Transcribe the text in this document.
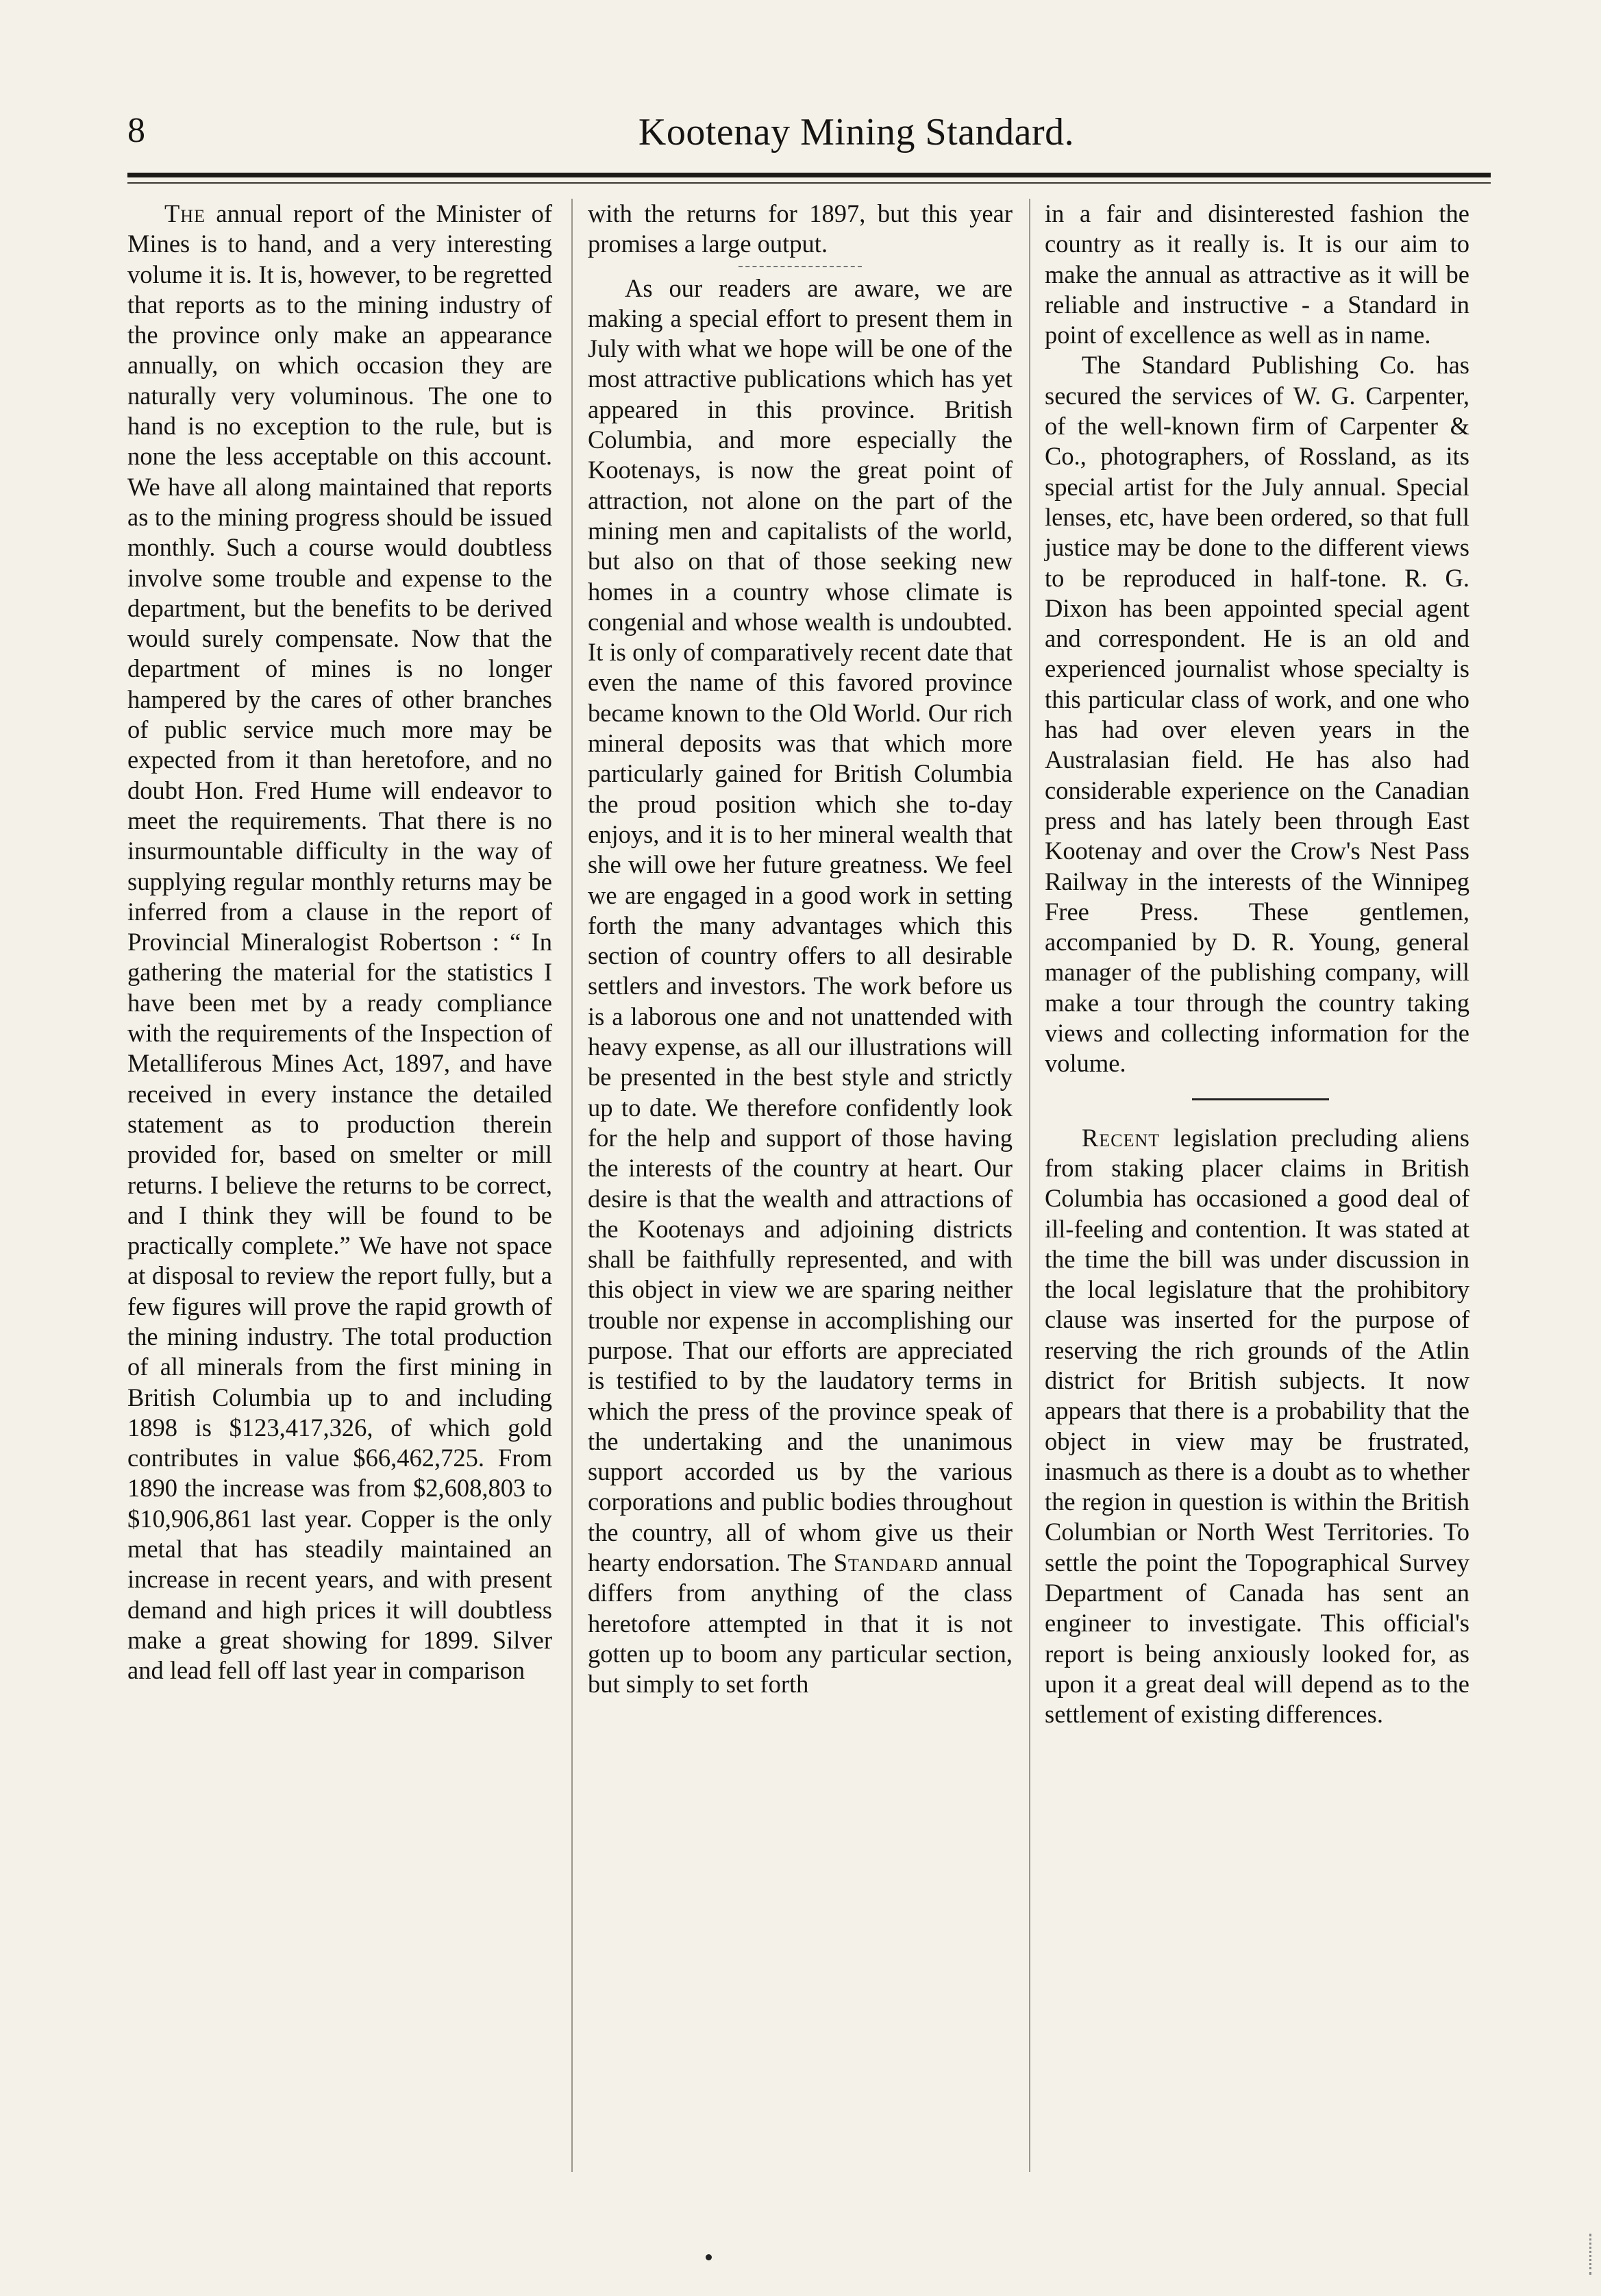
8	Kootenay Mining Standard.

The annual report of the Minister of Mines is to hand, and a very interesting volume it is. It is, however, to be regretted that reports as to the mining industry of the province only make an appearance annually, on which occasion they are naturally very voluminous. The one to hand is no exception to the rule, but is none the less acceptable on this account. We have all along maintained that reports as to the mining progress should be issued monthly. Such a course would doubtless involve some trouble and expense to the department, but the benefits to be derived would surely compensate. Now that the department of mines is no longer hampered by the cares of other branches of public service much more may be expected from it than heretofore, and no doubt Hon. Fred Hume will endeavor to meet the requirements. That there is no insurmountable difficulty in the way of supplying regular monthly returns may be inferred from a clause in the report of Provincial Mineralogist Robertson : “ In gathering the material for the statistics I have been met by a ready compliance with the requirements of the Inspection of Metalliferous Mines Act, 1897, and have received in every instance the detailed statement as to production therein provided for, based on smelter or mill returns. I believe the returns to be correct, and I think they will be found to be practically complete.” We have not space at disposal to review the report fully, but a few figures will prove the rapid growth of the mining industry. The total production of all minerals from the first mining in British Columbia up to and including 1898 is $123,417,326, of which gold contributes in value $66,462,725. From 1890 the increase was from $2,608,803 to $10,906,861 last year. Copper is the only metal that has steadily maintained an increase in recent years, and with present demand and high prices it will doubtless make a great showing for 1899. Silver and lead fell off last year in comparison

with the returns for 1897, but this year promises a large output.

As our readers are aware, we are making a special effort to present them in July with what we hope will be one of the most attractive publications which has yet appeared in this province. British Columbia, and more especially the Kootenays, is now the great point of attraction, not alone on the part of the mining men and capitalists of the world, but also on that of those seeking new homes in a country whose climate is congenial and whose wealth is undoubted. It is only of comparatively recent date that even the name of this favored province became known to the Old World. Our rich mineral deposits was that which more particularly gained for British Columbia the proud position which she to-day enjoys, and it is to her mineral wealth that she will owe her future greatness. We feel we are engaged in a good work in setting forth the many advantages which this section of country offers to all desirable settlers and investors. The work before us is a laborous one and not unattended with heavy expense, as all our illustrations will be presented in the best style and strictly up to date. We therefore confidently look for the help and support of those having the interests of the country at heart. Our desire is that the wealth and attractions of the Kootenays and adjoining districts shall be faithfully represented, and with this object in view we are sparing neither trouble nor expense in accomplishing our purpose. That our efforts are appreciated is testified to by the laudatory terms in which the press of the province speak of the undertaking and the unanimous support accorded us by the various corporations and public bodies throughout the country, all of whom give us their hearty endorsation. The Standard annual differs from anything of the class heretofore attempted in that it is not gotten up to boom any particular section, but simply to set forth

in a fair and disinterested fashion the country as it really is. It is our aim to make the annual as attractive as it will be reliable and instructive - a Standard in point of excellence as well as in name.

The Standard Publishing Co. has secured the services of W. G. Carpenter, of the well-known firm of Carpenter & Co., photographers, of Rossland, as its special artist for the July annual. Special lenses, etc, have been ordered, so that full justice may be done to the different views to be reproduced in half-tone. R. G. Dixon has been appointed special agent and correspondent. He is an old and experienced journalist whose specialty is this particular class of work, and one who has had over eleven years in the Australasian field. He has also had considerable experience on the Canadian press and has lately been through East Kootenay and over the Crow's Nest Pass Railway in the interests of the Winnipeg Free Press. These gentlemen, accompanied by D. R. Young, general manager of the publishing company, will make a tour through the country taking views and collecting information for the volume.

Recent legislation precluding aliens from staking placer claims in British Columbia has occasioned a good deal of ill-feeling and contention. It was stated at the time the bill was under discussion in the local legislature that the prohibitory clause was inserted for the purpose of reserving the rich grounds of the Atlin district for British subjects. It now appears that there is a probability that the object in view may be frustrated, inasmuch as there is a doubt as to whether the region in question is within the British Columbian or North West Territories. To settle the point the Topographical Survey Department of Canada has sent an engineer to investigate. This official's report is being anxiously looked for, as upon it a great deal will depend as to the settlement of existing differences.
